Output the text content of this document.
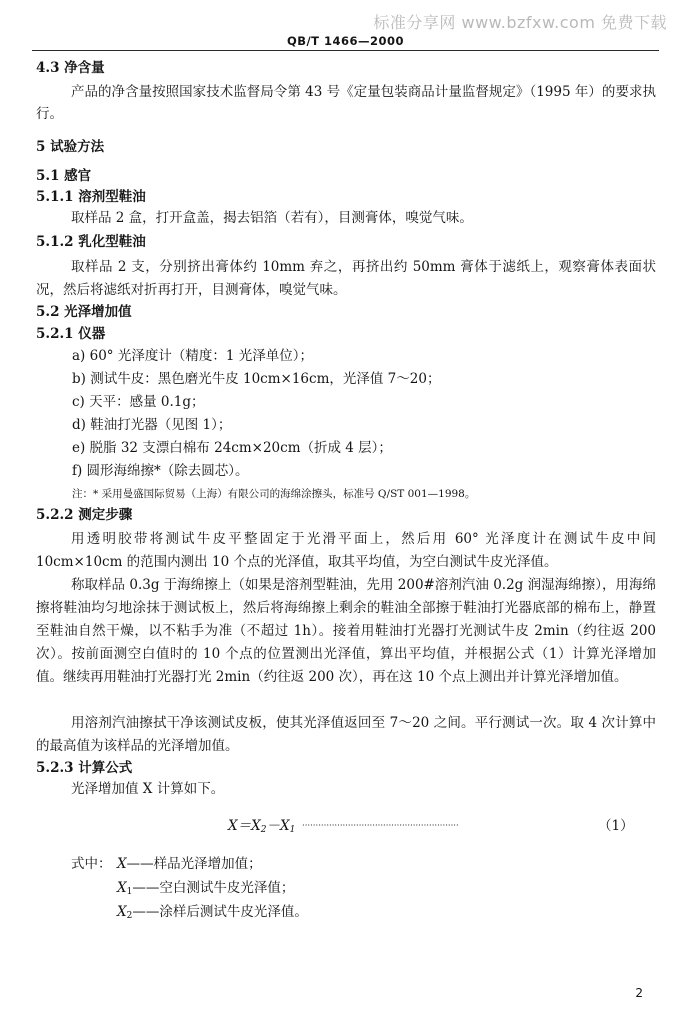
标准分享网 www.bzfxw.com 免费下载
QB/T 1466—2000
4.3 净含量
产品的净含量按照国家技术监督局令第 43 号《定量包装商品计量监督规定》（1995 年）的要求执行。
5 试验方法
5.1 感官
5.1.1 溶剂型鞋油
取样品 2 盒，打开盒盖，揭去铝箔（若有），目测膏体，嗅觉气味。
5.1.2 乳化型鞋油
取样品 2 支，分别挤出膏体约 10mm 弃之，再挤出约 50mm 膏体于滤纸上，观察膏体表面状况，然后将滤纸对折再打开，目测膏体，嗅觉气味。
5.2 光泽增加值
5.2.1 仪器
a) 60° 光泽度计（精度：1 光泽单位）；
b) 测试牛皮：黑色磨光牛皮 10cm×16cm，光泽值 7～20；
c) 天平：感量 0.1g；
d) 鞋油打光器（见图 1）；
e) 脱脂 32 支漂白棉布 24cm×20cm（折成 4 层）；
f) 圆形海绵擦*（除去圆芯）。
注：* 采用曼盛国际贸易（上海）有限公司的海绵涂擦头，标准号 Q/ST 001—1998。
5.2.2 测定步骤
用透明胶带将测试牛皮平整固定于光滑平面上，然后用 60° 光泽度计在测试牛皮中间 10cm×10cm 的范围内测出 10 个点的光泽值，取其平均值，为空白测试牛皮光泽值。
称取样品 0.3g 于海绵擦上（如果是溶剂型鞋油，先用 200#溶剂汽油 0.2g 润湿海绵擦），用海绵擦将鞋油均匀地涂抹于测试板上，然后将海绵擦上剩余的鞋油全部擦于鞋油打光器底部的棉布上，静置至鞋油自然干燥，以不粘手为准（不超过 1h）。接着用鞋油打光器打光测试牛皮 2min（约往返 200 次）。按前面测空白值时的 10 个点的位置测出光泽值，算出平均值，并根据公式（1）计算光泽增加值。继续再用鞋油打光器打光 2min（约往返 200 次），再在这 10 个点上测出并计算光泽增加值。
用溶剂汽油擦拭干净该测试皮板，使其光泽值返回至 7～20 之间。平行测试一次。取 4 次计算中的最高值为该样品的光泽增加值。
5.2.3 计算公式
光泽增加值 X 计算如下。
$X=X_2-X_1$ ··························································	（1）
式中： X——样品光泽增加值；
$X_1——$空白测试牛皮光泽值；
$X_2——$涂样后测试牛皮光泽值。
2
